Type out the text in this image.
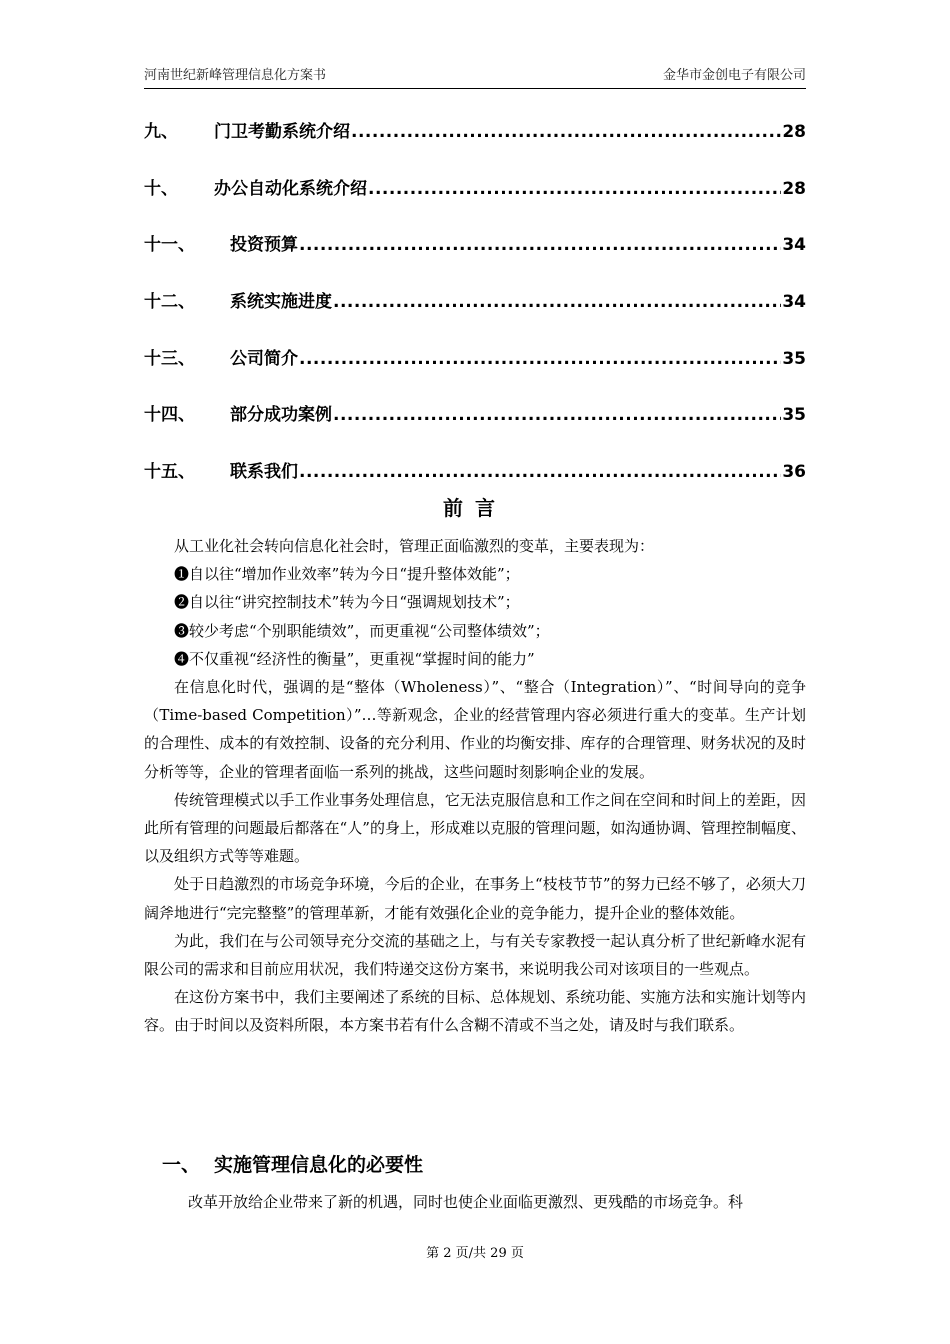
河南世纪新峰管理信息化方案书	金华市金创电子有限公司
九、	门卫考勤系统介绍 .....	28
十、	办公自动化系统介绍 .....	28
十一、	投资预算 .....	34
十二、	系统实施进度 .....	34
十三、	公司简介 .....	35
十四、	部分成功案例 .....	35
十五、	联系我们 .....	36
前言

从工业化社会转向信息化社会时，管理正面临激烈的变革，主要表现为：

❶自以往“增加作业效率”转为今日“提升整体效能”；

❷自以往“讲究控制技术”转为今日“强调规划技术”；

❸较少考虑“个别职能绩效”，而更重视“公司整体绩效”；

❹不仅重视“经济性的衡量”，更重视“掌握时间的能力”

在信息化时代，强调的是“整体（Wholeness）”、“整合（Integration）”、“时间导向的竞争（Time-based Competition）”…等新观念，企业的经营管理内容必须进行重大的变革。生产计划的合理性、成本的有效控制、设备的充分利用、作业的均衡安排、库存的合理管理、财务状况的及时分析等等，企业的管理者面临一系列的挑战，这些问题时刻影响企业的发展。

传统管理模式以手工作业事务处理信息，它无法克服信息和工作之间在空间和时间上的差距，因此所有管理的问题最后都落在“人”的身上，形成难以克服的管理问题，如沟通协调、管理控制幅度、以及组织方式等等难题。

处于日趋激烈的市场竞争环境，今后的企业，在事务上“枝枝节节”的努力已经不够了，必须大刀阔斧地进行“完完整整”的管理革新，才能有效强化企业的竞争能力，提升企业的整体效能。

为此，我们在与公司领导充分交流的基础之上，与有关专家教授一起认真分析了世纪新峰水泥有限公司的需求和目前应用状况，我们特递交这份方案书，来说明我公司对该项目的一些观点。

在这份方案书中，我们主要阐述了系统的目标、总体规划、系统功能、实施方法和实施计划等内容。由于时间以及资料所限，本方案书若有什么含糊不清或不当之处，请及时与我们联系。

一、 实施管理信息化的必要性
改革开放给企业带来了新的机遇，同时也使企业面临更激烈、更残酷的市场竞争。科
第 2 页/共 29 页
